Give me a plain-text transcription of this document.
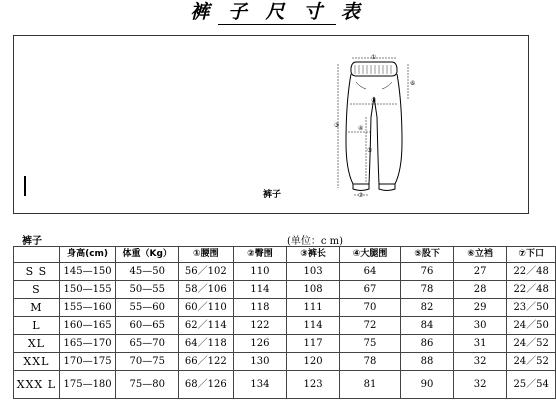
裤 子 尺 寸 表
①
②
③	④
⑤
⑥
⑦
裤子
裤子	(单位：c m)
	身高(cm)	体重（Kg）	①腰围	②臀围	③裤长	④大腿围	⑤股下	⑥立裆	⑦下口
S S	145—150	45—50	56／102	110	103	64	76	27	22／48
S	150—155	50—55	58／106	114	108	67	78	28	22／48
M	155—160	55—60	60／110	118	111	70	82	29	23／50
L	160—165	60—65	62／114	122	114	72	84	30	24／50
XL	165—170	65—70	64／118	126	117	75	86	31	24／52
XXL	170—175	70—75	66／122	130	120	78	88	32	24／52
XXX L	175—180	75—80	68／126	134	123	81	90	32	25／54
